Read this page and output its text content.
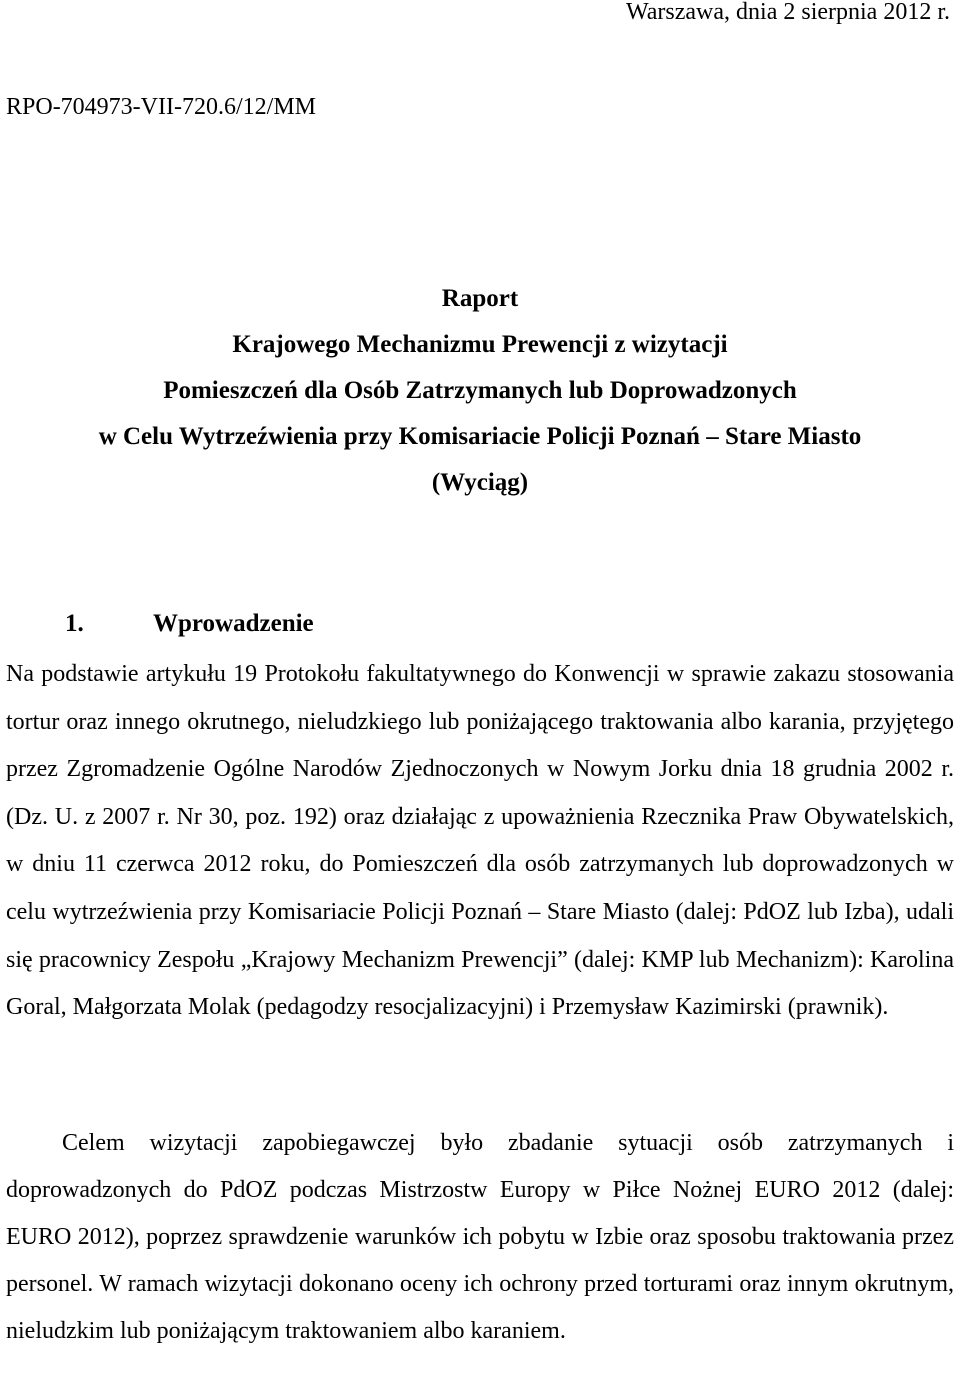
Warszawa, dnia 2 sierpnia 2012 r.
RPO-704973-VII-720.6/12/MM
Raport
Krajowego Mechanizmu Prewencji z wizytacji
Pomieszczeń dla Osób Zatrzymanych lub Doprowadzonych
w Celu Wytrzeźwienia przy Komisariacie Policji Poznań – Stare Miasto
(Wyciąg)
1.	Wprowadzenie

Na podstawie artykułu 19 Protokołu fakultatywnego do Konwencji w sprawie zakazu stosowania tortur oraz innego okrutnego, nieludzkiego lub poniżającego traktowania albo karania, przyjętego przez Zgromadzenie Ogólne Narodów Zjednoczonych w Nowym Jorku dnia 18 grudnia 2002 r. (Dz. U. z 2007 r. Nr 30, poz. 192) oraz działając z upoważnienia Rzecznika Praw Obywatelskich, w dniu 11 czerwca 2012 roku, do Pomieszczeń dla osób zatrzymanych lub doprowadzonych w celu wytrzeźwienia przy Komisariacie Policji Poznań – Stare Miasto (dalej: PdOZ lub Izba), udali się pracownicy Zespołu „Krajowy Mechanizm Prewencji” (dalej: KMP lub Mechanizm): Karolina Goral, Małgorzata Molak (pedagodzy resocjalizacyjni) i Przemysław Kazimirski (prawnik).

Celem wizytacji zapobiegawczej było zbadanie sytuacji osób zatrzymanych i doprowadzonych do PdOZ podczas Mistrzostw Europy w Piłce Nożnej EURO 2012 (dalej: EURO 2012), poprzez sprawdzenie warunków ich pobytu w Izbie oraz sposobu traktowania przez personel. W ramach wizytacji dokonano oceny ich ochrony przed torturami oraz innym okrutnym, nieludzkim lub poniżającym traktowaniem albo karaniem.
